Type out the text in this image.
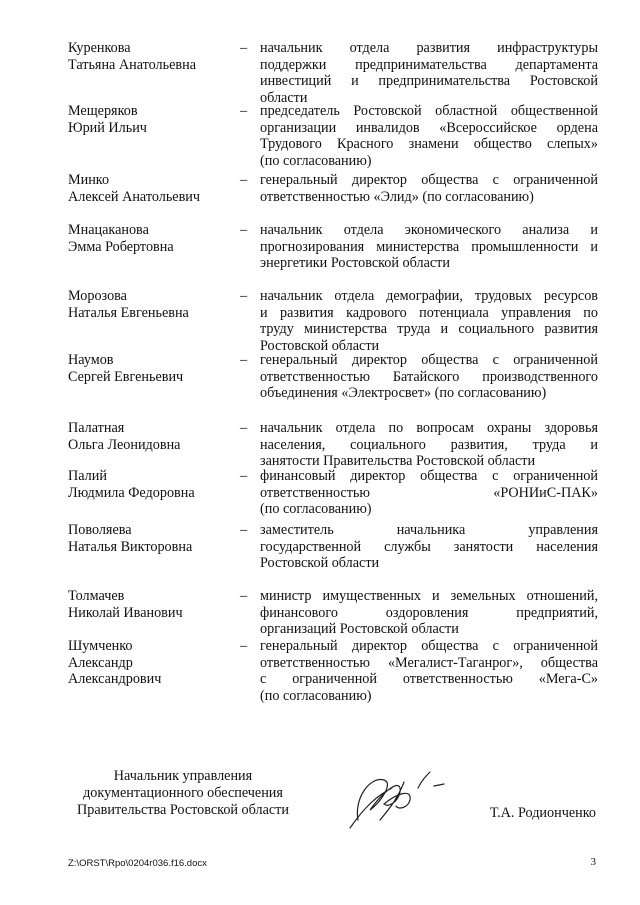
Куренкова
Татьяна Анатольевна
– начальник отдела развития инфраструктуры
поддержки предпринимательства департамента
инвестиций и предпринимательства Ростовской
области
Мещеряков
Юрий Ильич
– председатель Ростовской областной общественной
организации инвалидов «Всероссийское ордена
Трудового Красного знамени общество слепых»
(по согласованию)
Минко
Алексей Анатольевич
– генеральный директор общества с ограниченной
ответственностью «Элид» (по согласованию)
Мнацаканова
Эмма Робертовна
– начальник отдела экономического анализа и
прогнозирования министерства промышленности и
энергетики Ростовской области
Морозова
Наталья Евгеньевна
– начальник отдела демографии, трудовых ресурсов
и развития кадрового потенциала управления по
труду министерства труда и социального развития
Ростовской области
Наумов
Сергей Евгеньевич
– генеральный директор общества с ограниченной
ответственностью Батайского производственного
объединения «Электросвет» (по согласованию)
Палатная
Ольга Леонидовна
– начальник отдела по вопросам охраны здоровья
населения, социального развития, труда и
занятости Правительства Ростовской области
Палий
Людмила Федоровна
– финансовый директор общества с ограниченной
ответственностью «РОНИиС-ПАК»
(по согласованию)
Поволяева
Наталья Викторовна
– заместитель начальника управления
государственной службы занятости населения
Ростовской области
Толмачев
Николай Иванович
– министр имущественных и земельных отношений,
финансового оздоровления предприятий,
организаций Ростовской области
Шумченко
Александр
Александрович
– генеральный директор общества с ограниченной
ответственностью «Мегалист-Таганрог», общества
с ограниченной ответственностью «Мега-С»
(по согласованию)
Начальник управления
документационного обеспечения
Правительства Ростовской области	Т.А. Родионченко
Z:\ORST\Rpo\0204r036.f16.docx	3
